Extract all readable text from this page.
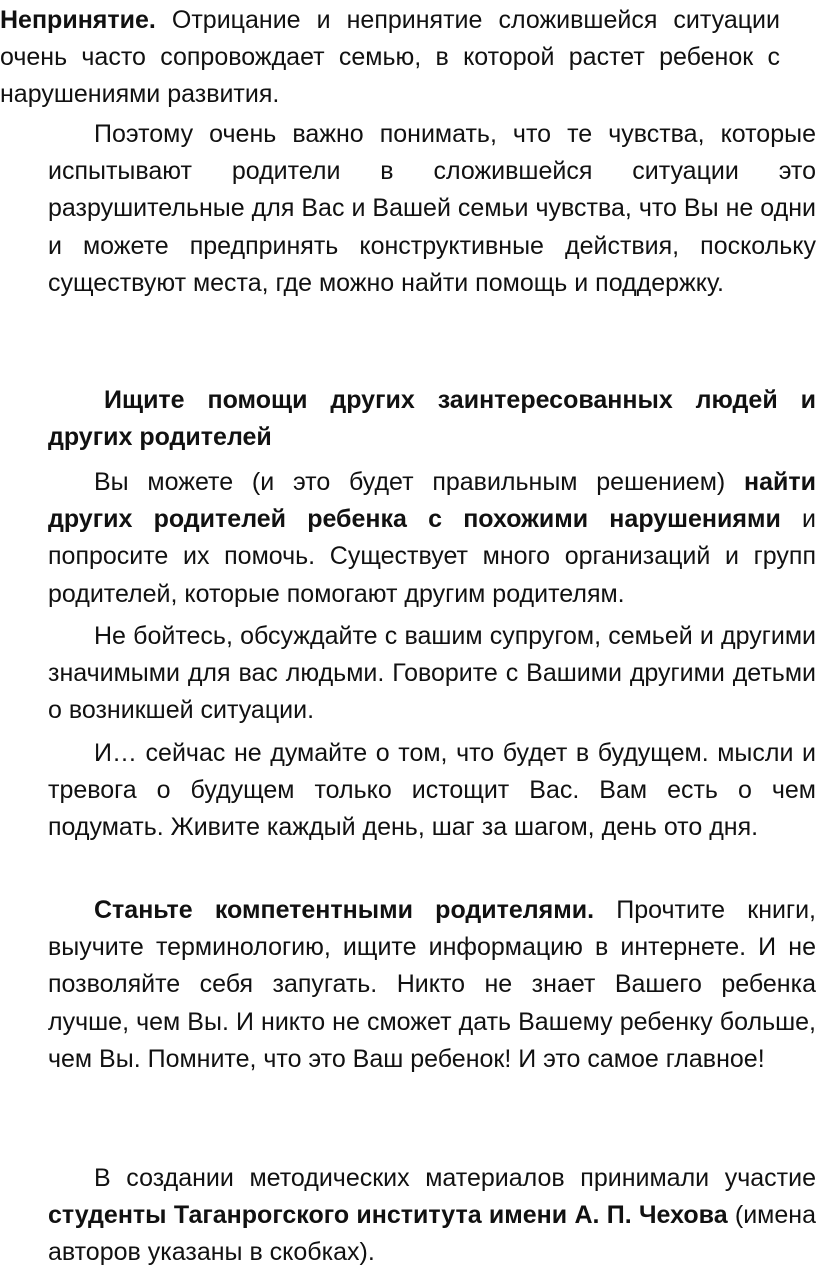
Непринятие. Отрицание и непринятие сложившейся ситуации очень часто сопровождает семью, в которой растет ребенок с нарушениями развития.

Поэтому очень важно понимать, что те чувства, которые испытывают родители в сложившейся ситуации это разрушительные для Вас и Вашей семьи чувства, что Вы не одни и можете предпринять конструктивные действия, поскольку существуют места, где можно найти помощь и поддержку.

Ищите помощи других заинтересованных людей и других родителей

Вы можете (и это будет правильным решением) найти других родителей ребенка с похожими нарушениями и попросите их помочь. Существует много организаций и групп родителей, которые помогают другим родителям.

Не бойтесь, обсуждайте с вашим супругом, семьей и другими значимыми для вас людьми. Говорите с Вашими другими детьми о возникшей ситуации.

И… сейчас не думайте о том, что будет в будущем. мысли и тревога о будущем только истощит Вас. Вам есть о чем подумать. Живите каждый день, шаг за шагом, день ото дня.

Станьте компетентными родителями. Прочтите книги, выучите терминологию, ищите информацию в интернете. И не позволяйте себя запугать. Никто не знает Вашего ребенка лучше, чем Вы. И никто не сможет дать Вашему ребенку больше, чем Вы. Помните, что это Ваш ребенок! И это самое главное!

В создании методических материалов принимали участие студенты Таганрогского института имени А. П. Чехова (имена авторов указаны в скобках).
